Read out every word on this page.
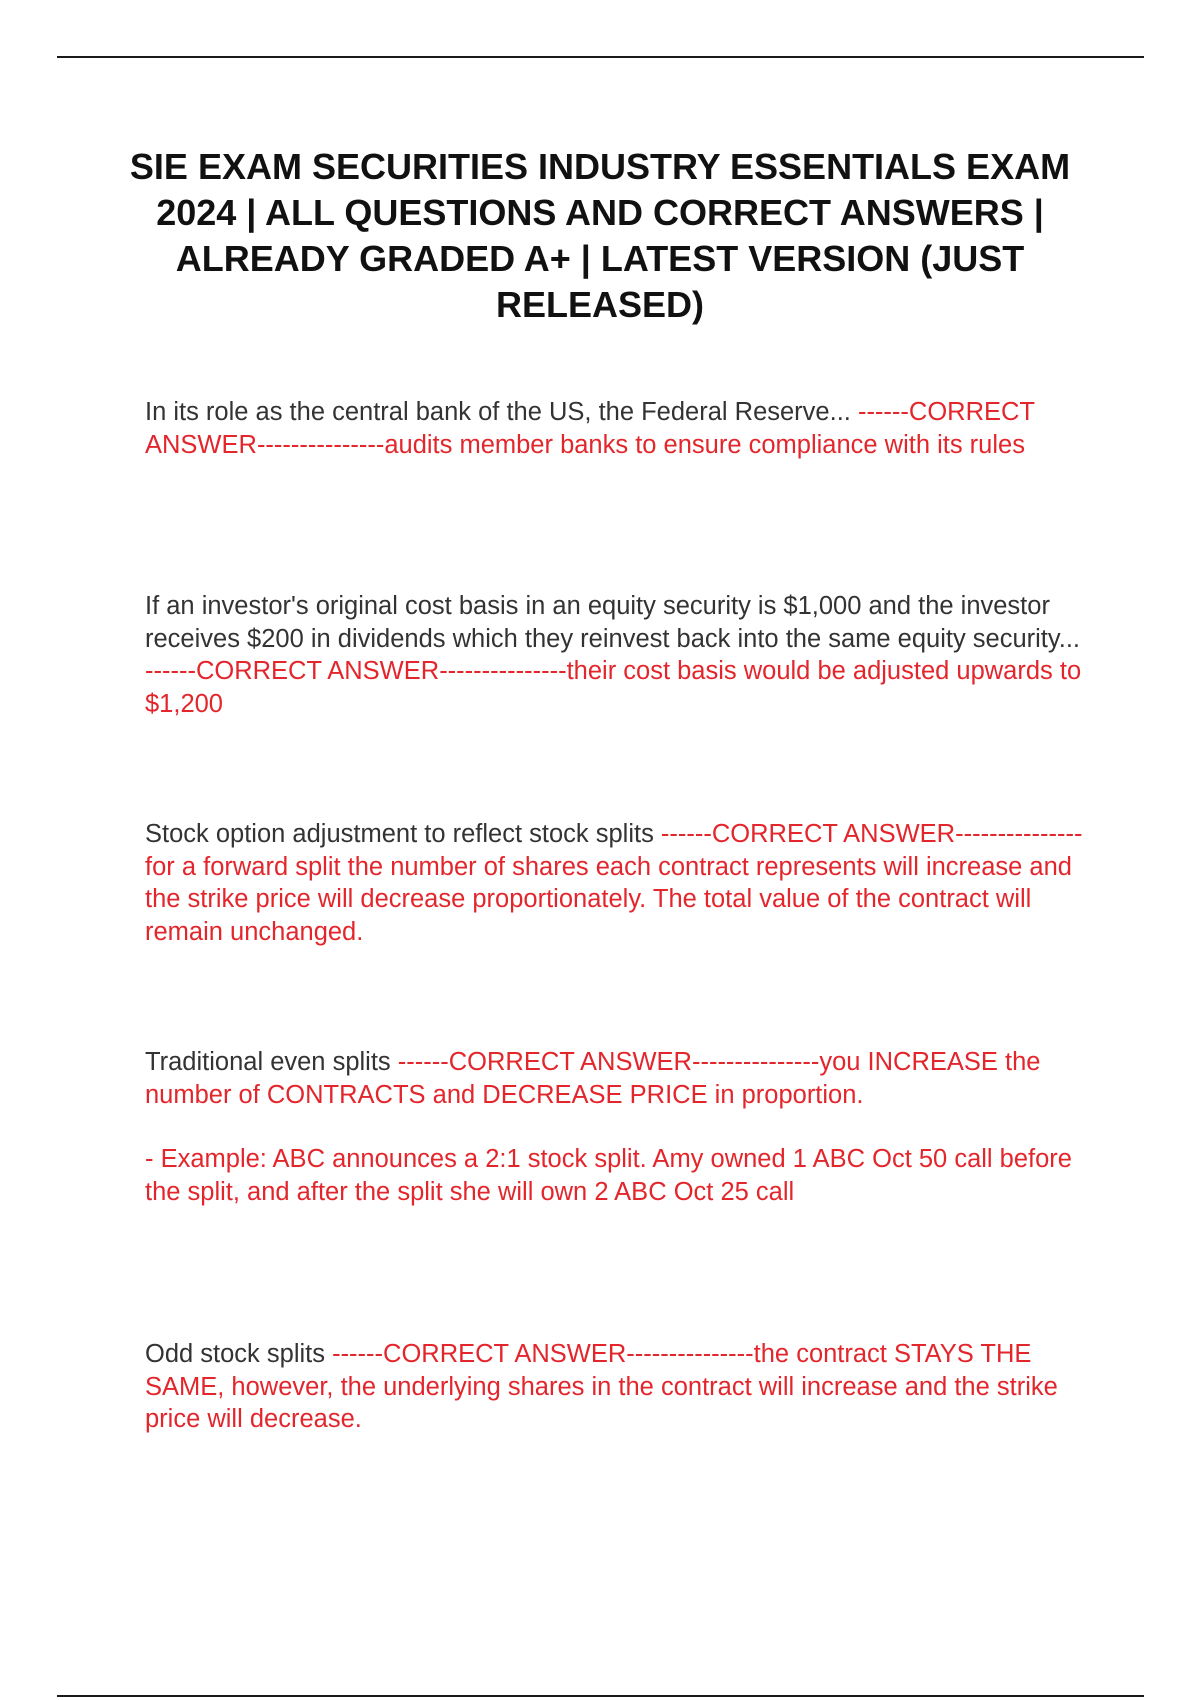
SIE EXAM SECURITIES INDUSTRY ESSENTIALS EXAM 2024 | ALL QUESTIONS AND CORRECT ANSWERS | ALREADY GRADED A+ | LATEST VERSION (JUST RELEASED)

In its role as the central bank of the US, the Federal Reserve... ------CORRECT ANSWER---------------audits member banks to ensure compliance with its rules

If an investor's original cost basis in an equity security is $1,000 and the investor receives $200 in dividends which they reinvest back into the same equity security... ------CORRECT ANSWER---------------their cost basis would be adjusted upwards to $1,200

Stock option adjustment to reflect stock splits ------CORRECT ANSWER---------------for a forward split the number of shares each contract represents will increase and the strike price will decrease proportionately. The total value of the contract will remain unchanged.

Traditional even splits ------CORRECT ANSWER---------------you INCREASE the number of CONTRACTS and DECREASE PRICE in proportion.
- Example: ABC announces a 2:1 stock split. Amy owned 1 ABC Oct 50 call before the split, and after the split she will own 2 ABC Oct 25 call

Odd stock splits ------CORRECT ANSWER---------------the contract STAYS THE SAME, however, the underlying shares in the contract will increase and the strike price will decrease.
